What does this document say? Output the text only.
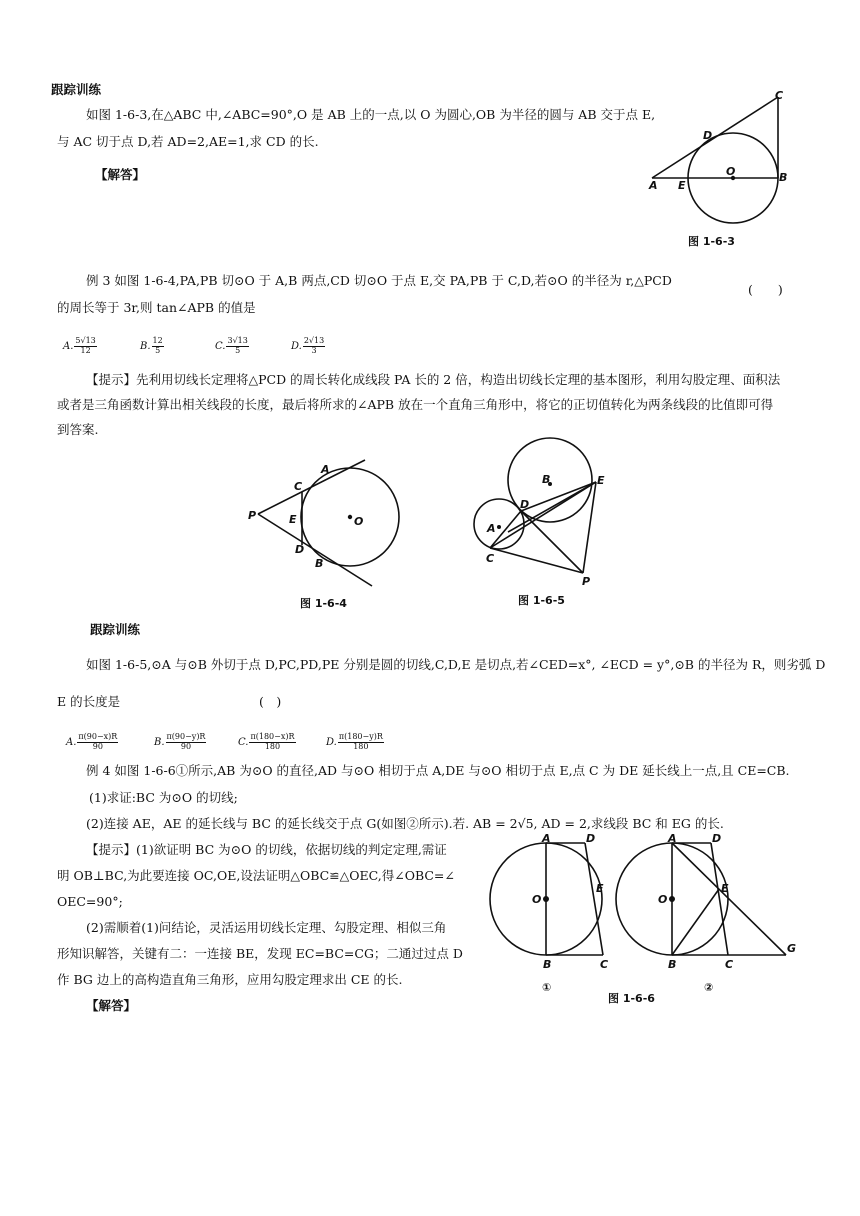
跟踪训练
如图 1-6-3,在△ABC 中,∠ABC=90°,O 是 AB 上的一点,以 O 为圆心,OB 为半径的圆与 AB 交于点 E,
与 AC 切于点 D,若 AD=2,AE=1,求 CD 的长.
【解答】
C
D
O
A E
B
图 1-6-3
例 3 如图 1-6-4,PA,PB 切⊙O 于 A,B 两点,CD 切⊙O 于点 E,交 PA,PB 于 C,D,若⊙O 的半径为 r,△PCD
(　　)
的周长等于 3r,则 tan∠APB 的值是
A. $\frac{5√13}{12}$	B. $\frac{12}{5}$	C. $\frac{3√13}{5}$	D. $\frac{2√13}{3}$
【提示】先利用切线长定理将△PCD 的周长转化成线段 PA 长的 2 倍，构造出切线长定理的基本图形，利用勾股定理、面积法
或者是三角函数计算出相关线段的长度，最后将所求的∠APB 放在一个直角三角形中，将它的正切值转化为两条线段的比值即可得
到答案.
A
C
P	E	O
D
B
图 1-6-4
B
D
E
A
C
P
图 1-6-5
跟踪训练
如图 1-6-5,⊙A 与⊙B 外切于点 D,PC,PD,PE 分别是圆的切线,C,D,E 是切点,若∠CED=x°, ∠ECD = y°,⊙B 的半径为 R，则劣弧 D
E 的长度是	(　)
A. $\frac{\pi(90-x)R}{90}$	B. $\frac{\pi(90-y)R}{90}$	C. $\frac{\pi(180-x)R}{180}$	D. $\frac{\pi(180-y)R}{180}$
例 4 如图 1-6-6①所示,AB 为⊙O 的直径,AD 与⊙O 相切于点 A,DE 与⊙O 相切于点 E,点 C 为 DE 延长线上一点,且 CE=CB.
(1)求证:BC 为⊙O 的切线;
(2)连接 AE，AE 的延长线与 BC 的延长线交于点 G(如图②所示).若. AB = 2√5, AD = 2,求线段 BC 和 EG 的长.
【提示】(1)欲证明 BC 为⊙O 的切线，依据切线的判定定理,需证
明 OB⊥BC,为此要连接 OC,OE,设法证明△OBC≌△OEC,得∠OBC=∠
OEC=90°;
(2)需顺着(1)问结论，灵活运用切线长定理、勾股定理、相似三角
形知识解答，关键有二：一连接 BE，发现 EC=BC=CG；二通过过点 D
作 BG 边上的高构造直角三角形，应用勾股定理求出 CE 的长.
【解答】
A	D
O
E
B	C
①
A	D
O
E
B	C
G
②
图 1-6-6
